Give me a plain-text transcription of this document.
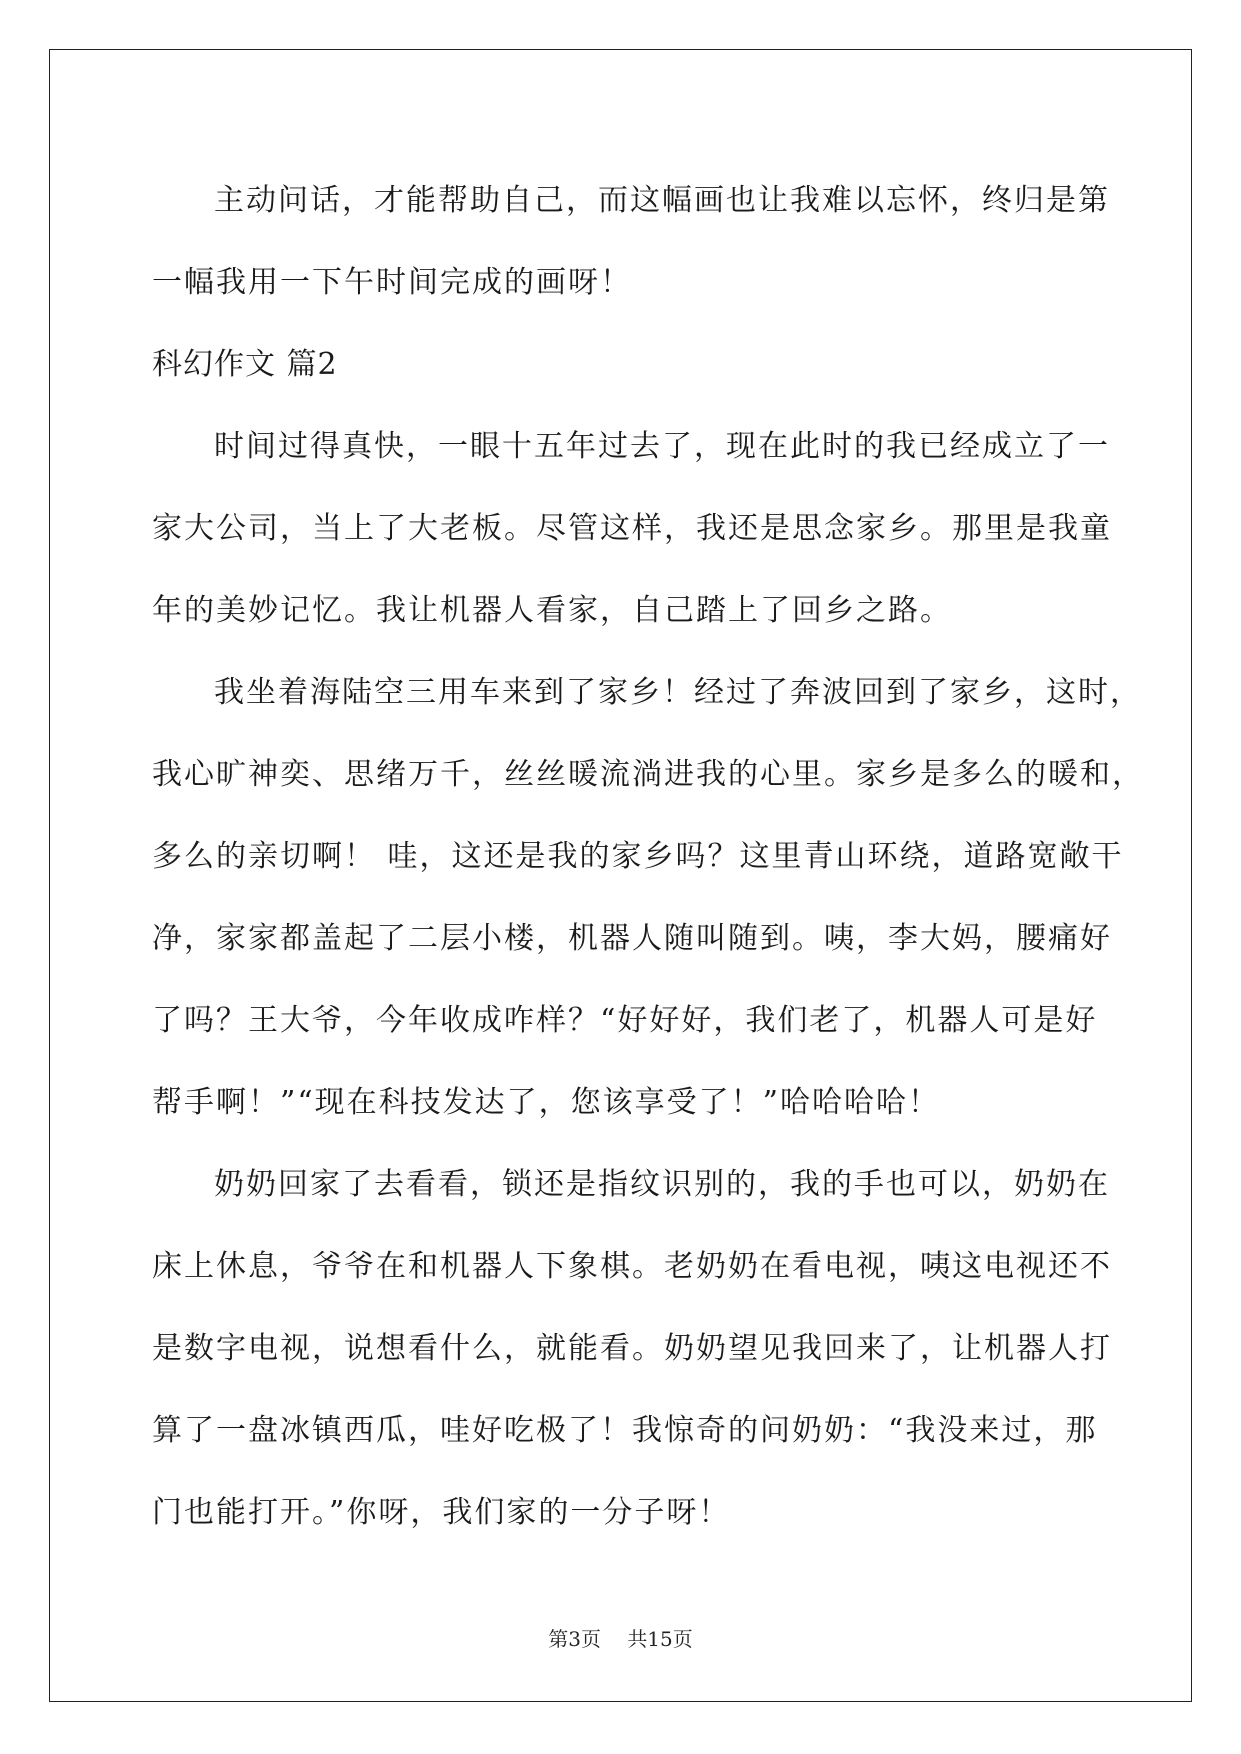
主动问话，才能帮助自己，而这幅画也让我难以忘怀，终归是第
一幅我用一下午时间完成的画呀！
科幻作文 篇2
时间过得真快，一眼十五年过去了，现在此时的我已经成立了一
家大公司，当上了大老板。尽管这样，我还是思念家乡。那里是我童
年的美妙记忆。我让机器人看家，自己踏上了回乡之路。
我坐着海陆空三用车来到了家乡！经过了奔波回到了家乡，这时，
我心旷神奕、思绪万千，丝丝暖流淌进我的心里。家乡是多么的暖和，
多么的亲切啊！ 哇，这还是我的家乡吗？这里青山环绕，道路宽敞干
净，家家都盖起了二层小楼，机器人随叫随到。咦，李大妈，腰痛好
了吗？王大爷，今年收成咋样？“好好好，我们老了，机器人可是好
帮手啊！”“现在科技发达了，您该享受了！”哈哈哈哈！
奶奶回家了去看看，锁还是指纹识别的，我的手也可以，奶奶在
床上休息，爷爷在和机器人下象棋。老奶奶在看电视，咦这电视还不
是数字电视，说想看什么，就能看。奶奶望见我回来了，让机器人打
算了一盘冰镇西瓜，哇好吃极了！我惊奇的问奶奶：“我没来过，那
门也能打开。”你呀，我们家的一分子呀！
第3页 共15页
